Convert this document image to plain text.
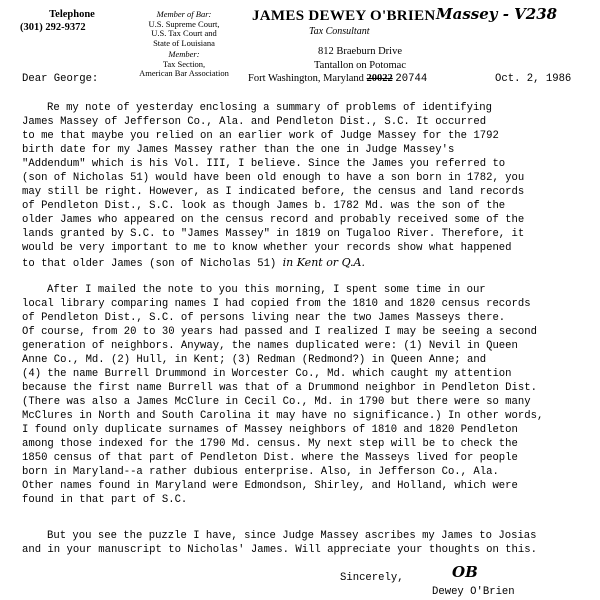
Telephone
(301) 292-9372
Member of Bar:
U.S. Supreme Court,
U.S. Tax Court and
State of Louisiana
Member:
Tax Section,
American Bar Association
JAMES DEWEY O'BRIEN
Tax Consultant
Massey - V238
812 Braeburn Drive
Tantallon on Potomac
Fort Washington, Maryland 20022 20744
Dear George:	Oct. 2, 1986
Re my note of yesterday enclosing a summary of problems of identifying
James Massey of Jefferson Co., Ala. and Pendleton Dist., S.C. It occurred
to me that maybe you relied on an earlier work of Judge Massey for the 1792
birth date for my James Massey rather than the one in Judge Massey's
"Addendum" which is his Vol. III, I believe. Since the James you referred to
(son of Nicholas 51) would have been old enough to have a son born in 1782, you
may still be right. However, as I indicated before, the census and land records
of Pendleton Dist., S.C. look as though James b. 1782 Md. was the son of the
older James who appeared on the census record and probably received some of the
lands granted by S.C. to "James Massey" in 1819 on Tugaloo River. Therefore, it
would be very important to me to know whether your records show what happened
to that older James (son of Nicholas 51) in Kent or Q.A.
After I mailed the note to you this morning, I spent some time in our
local library comparing names I had copied from the 1810 and 1820 census records
of Pendleton Dist., S.C. of persons living near the two James Masseys there.
Of course, from 20 to 30 years had passed and I realized I may be seeing a second
generation of neighbors. Anyway, the names duplicated were: (1) Nevil in Queen
Anne Co., Md. (2) Hull, in Kent; (3) Redman (Redmond?) in Queen Anne; and
(4) the name Burrell Drummond in Worcester Co., Md. which caught my attention
because the first name Burrell was that of a Drummond neighbor in Pendleton Dist.
(There was also a James McClure in Cecil Co., Md. in 1790 but there were so many
McClures in North and South Carolina it may have no significance.) In other words,
I found only duplicate surnames of Massey neighbors of 1810 and 1820 Pendleton
among those indexed for the 1790 Md. census. My next step will be to check the
1850 census of that part of Pendleton Dist. where the Masseys lived for people
born in Maryland--a rather dubious enterprise. Also, in Jefferson Co., Ala.
Other names found in Maryland were Edmondson, Shirley, and Holland, which were
found in that part of S.C.
But you see the puzzle I have, since Judge Massey ascribes my James to Josias
and in your manuscript to Nicholas' James. Will appreciate your thoughts on this.
Sincerely,	OB
Dewey O'Brien
